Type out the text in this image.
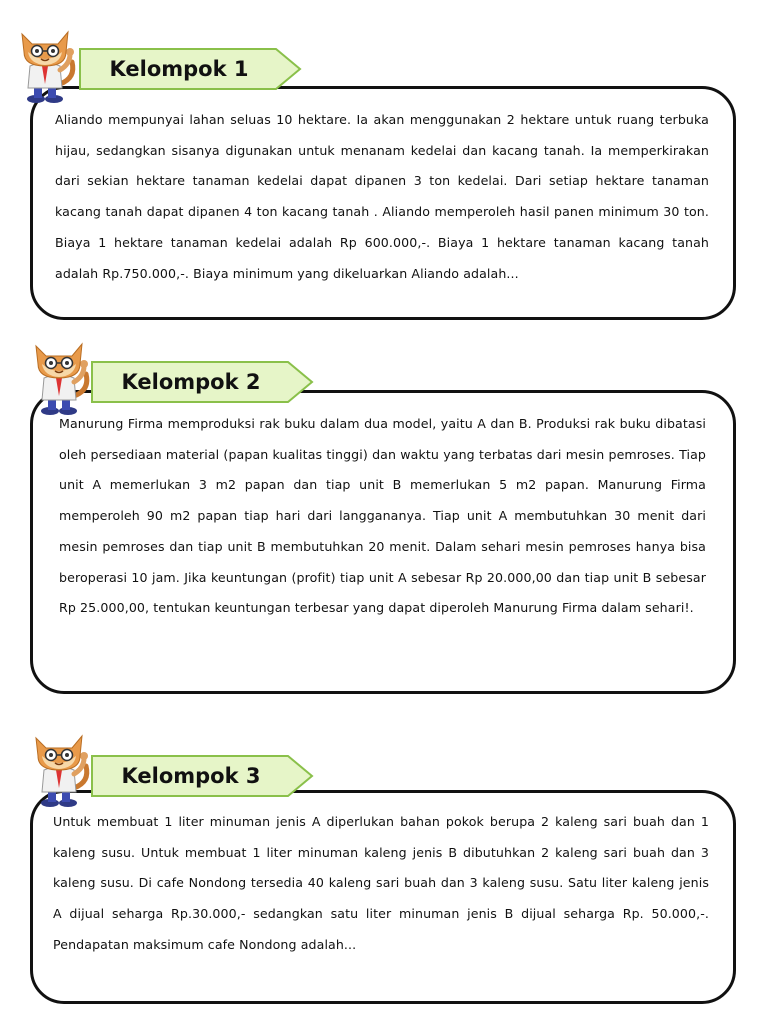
Aliando mempunyai lahan seluas 10 hektare. Ia akan menggunakan 2 hektare untuk ruang terbuka hijau, sedangkan sisanya digunakan untuk menanam kedelai dan kacang tanah. Ia memperkirakan dari sekian hektare tanaman kedelai dapat dipanen 3 ton kedelai. Dari setiap hektare tanaman kacang tanah dapat dipanen 4 ton kacang tanah . Aliando memperoleh hasil panen minimum 30 ton. Biaya 1 hektare tanaman kedelai adalah Rp 600.000,-. Biaya 1 hektare tanaman kacang tanah adalah Rp.750.000,-. Biaya minimum yang dikeluarkan Aliando adalah...

Kelompok 1

Manurung Firma memproduksi rak buku dalam dua model, yaitu A dan B. Produksi rak buku dibatasi oleh persediaan material (papan kualitas tinggi) dan waktu yang terbatas dari mesin pemroses. Tiap unit A memerlukan 3 m2 papan dan tiap unit B memerlukan 5 m2 papan. Manurung Firma memperoleh 90 m2 papan tiap hari dari langgananya. Tiap unit A membutuhkan 30 menit dari mesin pemroses dan tiap unit B membutuhkan 20 menit. Dalam sehari mesin pemroses hanya bisa beroperasi 10 jam. Jika keuntungan (profit) tiap unit A sebesar Rp 20.000,00 dan tiap unit B sebesar Rp 25.000,00, tentukan keuntungan terbesar yang dapat diperoleh Manurung Firma dalam sehari!.

Kelompok 2

Untuk membuat 1 liter minuman jenis A diperlukan bahan pokok berupa 2 kaleng sari buah dan 1 kaleng susu. Untuk membuat 1 liter minuman kaleng jenis B dibutuhkan 2 kaleng sari buah dan 3 kaleng susu. Di cafe Nondong tersedia 40 kaleng sari buah dan 3 kaleng susu. Satu liter kaleng jenis A dijual seharga Rp.30.000,- sedangkan satu liter minuman jenis B dijual seharga Rp. 50.000,-. Pendapatan maksimum cafe Nondong adalah...

Kelompok 3
